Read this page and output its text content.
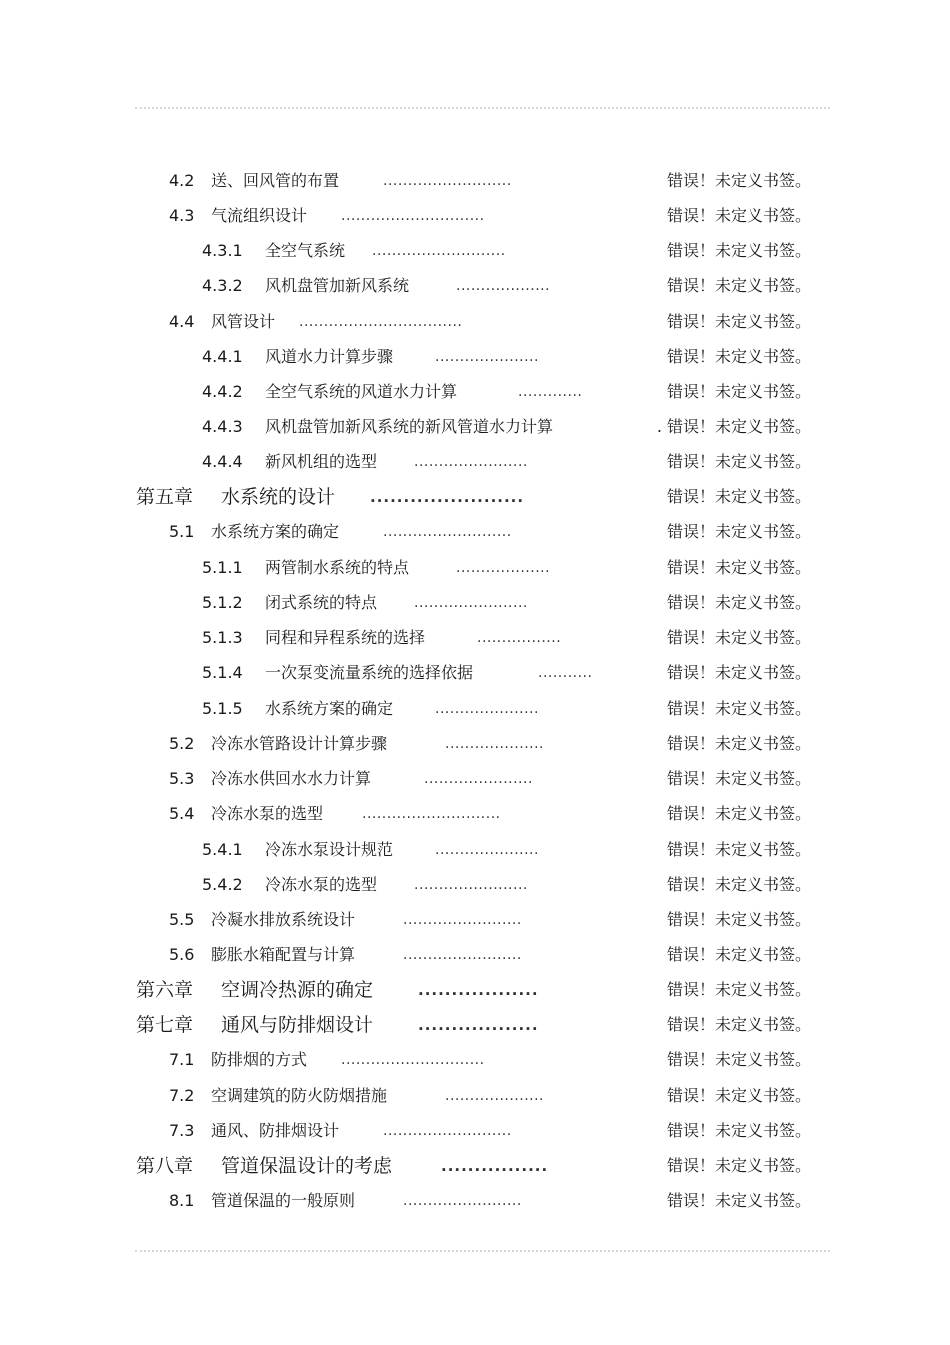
4.2 送、回风管的布置	..........................	错误！未定义书签。
4.3 气流组织设计 .............................	错误！未定义书签。
4.3.1 全空气系统 ...........................	错误！未定义书签。
4.3.2 风机盘管加新风系统	...................	错误！未定义书签。
4.4 风管设计 .................................	错误！未定义书签。
4.4.1 风道水力计算步骤	.....................	错误！未定义书签。
4.4.2 全空气系统的风道水力计算	.............	错误！未定义书签。
4.4.3 风机盘管加新风系统的新风管道水力计算	. 错误！未定义书签。
4.4.4 新风机组的选型	.......................	错误！未定义书签。
第五章 水系统的设计 .......................	错误！未定义书签。
5.1 水系统方案的确定	..........................	错误！未定义书签。
5.1.1 两管制水系统的特点	...................	错误！未定义书签。
5.1.2 闭式系统的特点	.......................	错误！未定义书签。
5.1.3 同程和异程系统的选择	.................	错误！未定义书签。
5.1.4 一次泵变流量系统的选择依据	...........	错误！未定义书签。
5.1.5 水系统方案的确定	.....................	错误！未定义书签。
5.2 冷冻水管路设计计算步骤	....................	错误！未定义书签。
5.3 冷冻水供回水水力计算	......................	错误！未定义书签。
5.4 冷冻水泵的选型	............................	错误！未定义书签。
5.4.1 冷冻水泵设计规范	.....................	错误！未定义书签。
5.4.2 冷冻水泵的选型	.......................	错误！未定义书签。
5.5 冷凝水排放系统设计	........................	错误！未定义书签。
5.6 膨胀水箱配置与计算	........................	错误！未定义书签。
第六章 空调冷热源的确定	..................	错误！未定义书签。
第七章 通风与防排烟设计	..................	错误！未定义书签。
7.1 防排烟的方式 .............................	错误！未定义书签。
7.2 空调建筑的防火防烟措施	....................	错误！未定义书签。
7.3 通风、防排烟设计	..........................	错误！未定义书签。
第八章 管道保温设计的考虑	................	错误！未定义书签。
8.1 管道保温的一般原则	........................	错误！未定义书签。
